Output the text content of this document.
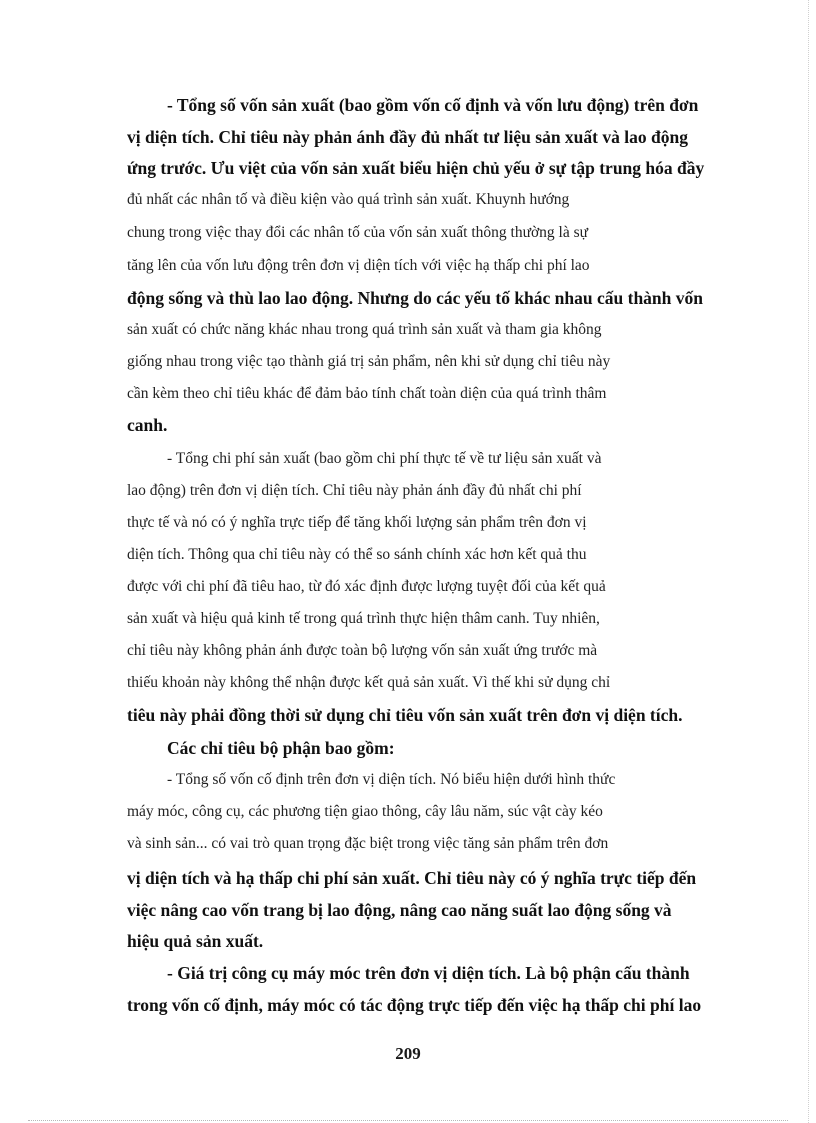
- Tổng số vốn sản xuất (bao gồm vốn cố định và vốn lưu động) trên đơn
vị diện tích. Chỉ tiêu này phản ánh đầy đủ nhất tư liệu sản xuất và lao động
ứng trước. Ưu việt của vốn sản xuất biểu hiện chủ yếu ở sự tập trung hóa đầy
đủ nhất các nhân tố và điều kiện vào quá trình sản xuất. Khuynh hướng
chung trong việc thay đổi các nhân tố của vốn sản xuất thông thường là sự
tăng lên của vốn lưu động trên đơn vị diện tích với việc hạ thấp chi phí lao
động sống và thù lao lao động. Nhưng do các yếu tố khác nhau cấu thành vốn
sản xuất có chức năng khác nhau trong quá trình sản xuất và tham gia không
giống nhau trong việc tạo thành giá trị sản phẩm, nên khi sử dụng chỉ tiêu này
cần kèm theo chỉ tiêu khác để đảm bảo tính chất toàn diện của quá trình thâm
canh.
- Tổng chi phí sản xuất (bao gồm chi phí thực tế về tư liệu sản xuất và
lao động) trên đơn vị diện tích. Chỉ tiêu này phản ánh đầy đủ nhất chi phí
thực tế và nó có ý nghĩa trực tiếp để tăng khối lượng sản phẩm trên đơn vị
diện tích. Thông qua chỉ tiêu này có thể so sánh chính xác hơn kết quả thu
được với chi phí đã tiêu hao, từ đó xác định được lượng tuyệt đối của kết quả
sản xuất và hiệu quả kinh tế trong quá trình thực hiện thâm canh. Tuy nhiên,
chỉ tiêu này không phản ánh được toàn bộ lượng vốn sản xuất ứng trước mà
thiếu khoản này không thể nhận được kết quả sản xuất. Vì thế khi sử dụng chỉ
tiêu này phải đồng thời sử dụng chỉ tiêu vốn sản xuất trên đơn vị diện tích.
Các chỉ tiêu bộ phận bao gồm:
- Tổng số vốn cố định trên đơn vị diện tích. Nó biểu hiện dưới hình thức
máy móc, công cụ, các phương tiện giao thông, cây lâu năm, súc vật cày kéo
và sinh sản... có vai trò quan trọng đặc biệt trong việc tăng sản phẩm trên đơn
vị diện tích và hạ thấp chi phí sản xuất. Chỉ tiêu này có ý nghĩa trực tiếp đến
việc nâng cao vốn trang bị lao động, nâng cao năng suất lao động sống và
hiệu quả sản xuất.
- Giá trị công cụ máy móc trên đơn vị diện tích. Là bộ phận cấu thành
trong vốn cố định, máy móc có tác động trực tiếp đến việc hạ thấp chi phí lao
209
